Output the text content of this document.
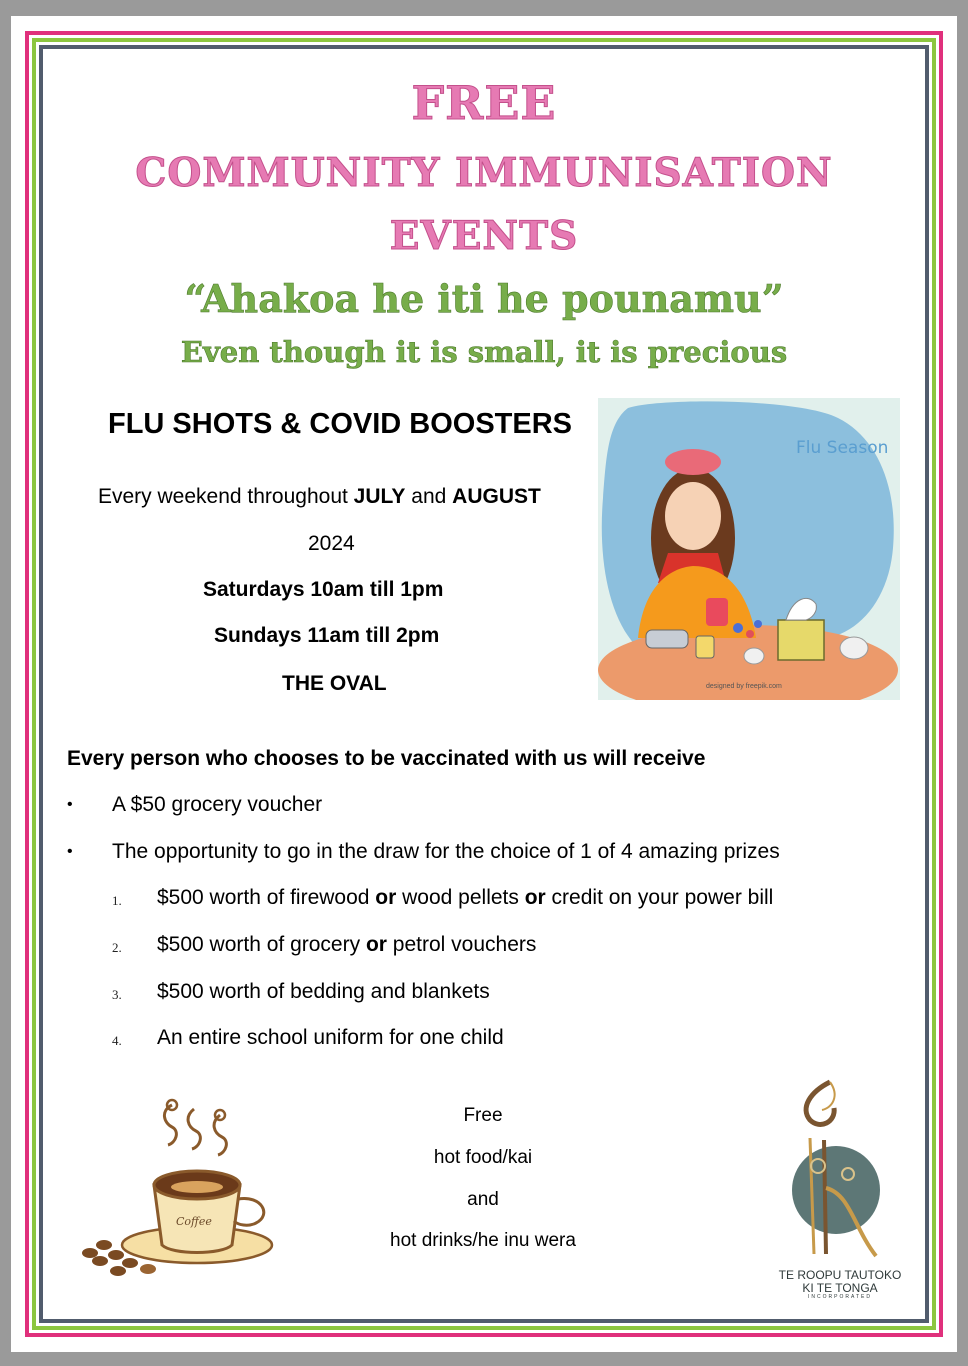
FREE
COMMUNITY IMMUNISATION
EVENTS
“Ahakoa he iti he pounamu”
Even though it is small, it is precious
FLU SHOTS & COVID BOOSTERS
Every weekend throughout JULY and AUGUST
2024
Saturdays 10am till 1pm
Sundays 11am till 2pm
THE OVAL
Flu Season
designed by freepik.com
Every person who chooses to be vaccinated with us will receive
• A $50 grocery voucher
• The opportunity to go in the draw for the choice of 1 of 4 amazing prizes
1. $500 worth of firewood or wood pellets or credit on your power bill
2. $500 worth of grocery or petrol vouchers
3. $500 worth of bedding and blankets
4. An entire school uniform for one child
Coffee
Free
hot food/kai
and
hot drinks/he inu wera
TE ROOPU TAUTOKO
KI TE TONGA
INCORPORATED
